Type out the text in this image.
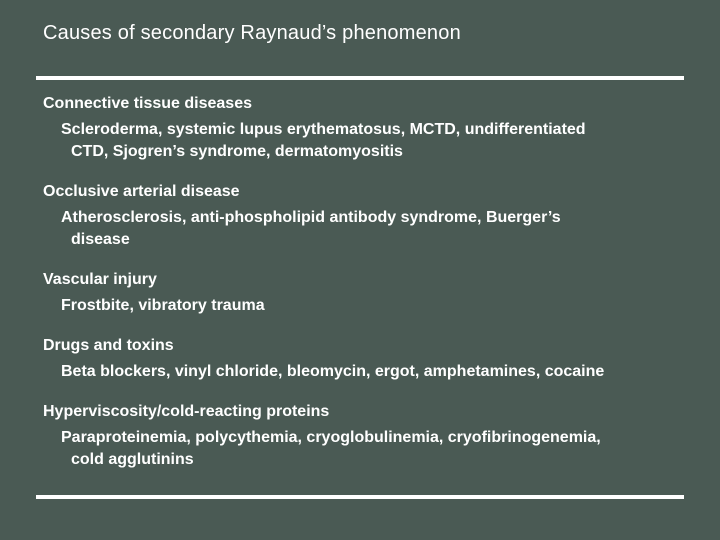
Causes of secondary Raynaud’s phenomenon
Connective tissue diseases
Scleroderma, systemic lupus erythematosus, MCTD, undifferentiated
CTD, Sjogren’s syndrome, dermatomyositis
Occlusive arterial disease
Atherosclerosis, anti-phospholipid antibody syndrome, Buerger’s
disease
Vascular injury
Frostbite, vibratory trauma
Drugs and toxins
Beta blockers, vinyl chloride, bleomycin, ergot, amphetamines, cocaine
Hyperviscosity/cold-reacting proteins
Paraproteinemia, polycythemia, cryoglobulinemia, cryofibrinogenemia,
cold agglutinins
